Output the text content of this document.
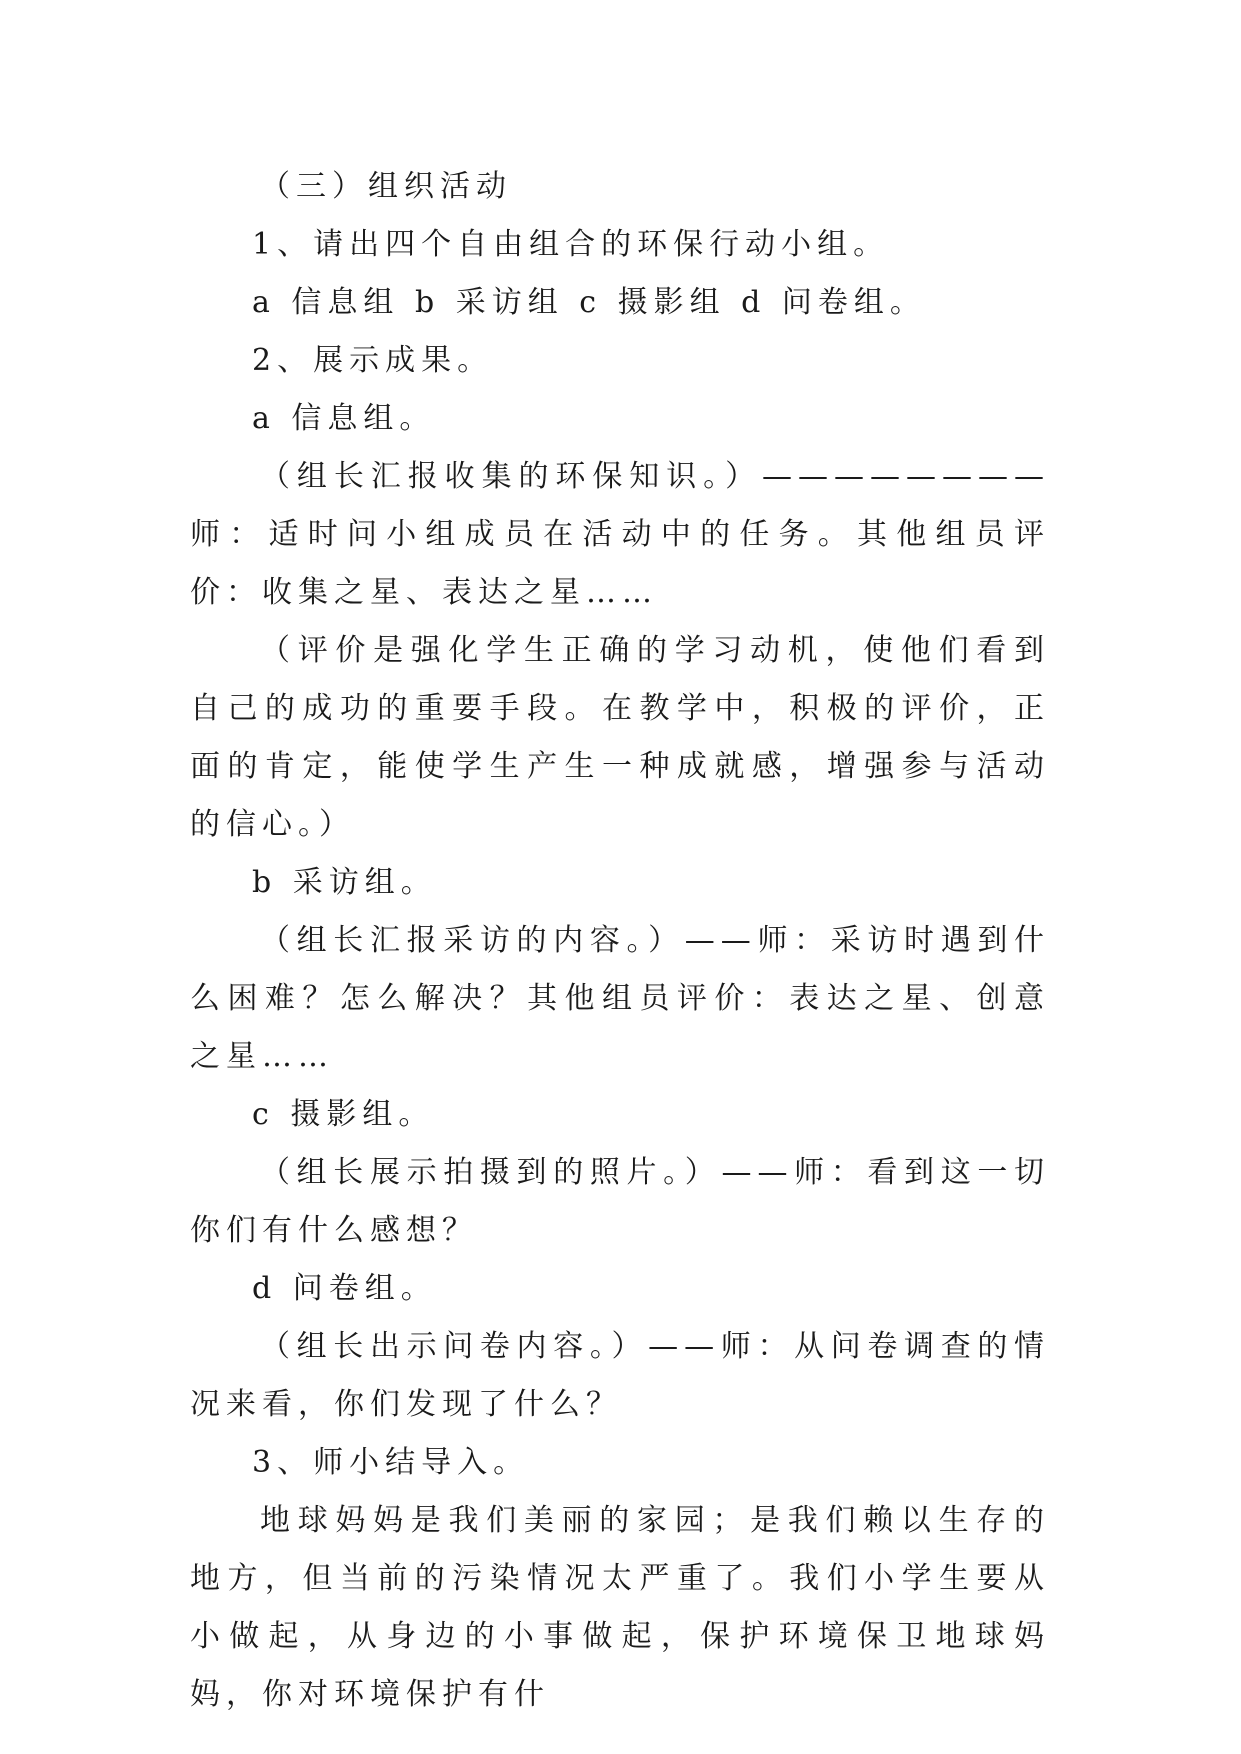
（三）组织活动

1、请出四个自由组合的环保行动小组。

a 信息组 b 采访组 c 摄影组 d 问卷组。

2、展示成果。

a 信息组。

（组长汇报收集的环保知识。）————————师：适时问小组成员在活动中的任务。其他组员评价：收集之星、表达之星……

（评价是强化学生正确的学习动机，使他们看到自己的成功的重要手段。在教学中，积极的评价，正面的肯定，能使学生产生一种成就感，增强参与活动的信心。）

b 采访组。

（组长汇报采访的内容。）——师：采访时遇到什么困难？怎么解决？其他组员评价：表达之星、创意之星……

c 摄影组。

（组长展示拍摄到的照片。）——师：看到这一切你们有什么感想？

d 问卷组。

（组长出示问卷内容。）——师：从问卷调查的情况来看，你们发现了什么？

3、师小结导入。

地球妈妈是我们美丽的家园；是我们赖以生存的地方，但当前的污染情况太严重了。我们小学生要从小做起，从身边的小事做起，保护环境保卫地球妈妈，你对环境保护有什
